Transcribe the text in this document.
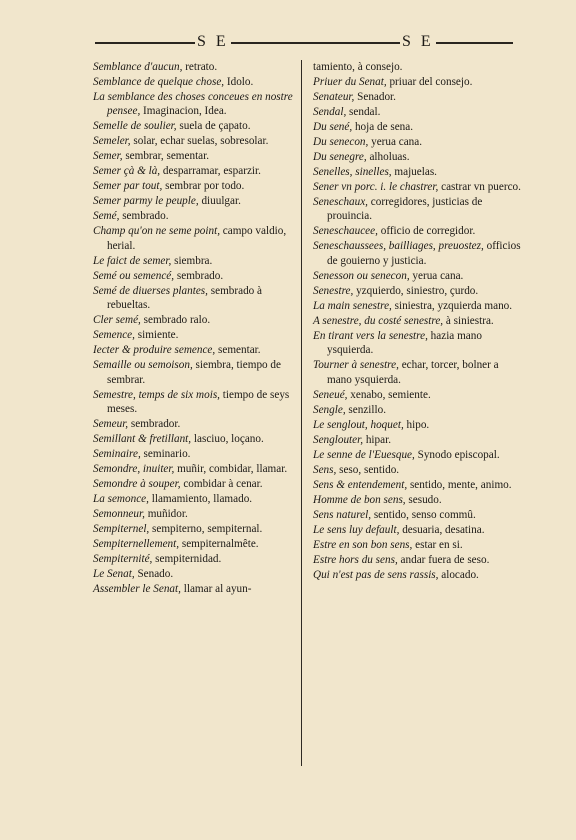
S E	S E
Semblance d'aucun, retrato.
Semblance de quelque chose, Idolo.
La semblance des choses conceues en nostre pensee, Imaginacion, Idea.
Semelle de soulier, suela de çapato.
Semeler, solar, echar suelas, sobresolar.
Semer, sembrar, sementar.
Semer çà & là, desparramar, esparzir.
Semer par tout, sembrar por todo.
Semer parmy le peuple, diuulgar.
Semé, sembrado.
Champ qu'on ne seme point, campo valdio, herial.
Le faict de semer, siembra.
Semé ou semencé, sembrado.
Semé de diuerses plantes, sembrado à rebueltas.
Cler semé, sembrado ralo.
Semence, simiente.
Iecter & produire semence, sementar.
Semaille ou semoison, siembra, tiempo de sembrar.
Semestre, temps de six mois, tiempo de seys meses.
Semeur, sembrador.
Semillant & fretillant, lasciuo, loçano.
Seminaire, seminario.
Semondre, inuiter, muñir, combidar, llamar.
Semondre à souper, combidar à cenar.
La semonce, llamamiento, llamado.
Semonneur, muñidor.
Sempiternel, sempiterno, sempiternal.
Sempiternellement, sempiternalmête.
Sempiternité, sempiternidad.
Le Senat, Senado.
Assembler le Senat, llamar al ayun-
tamiento, à consejo.
Priuer du Senat, priuar del consejo.
Senateur, Senador.
Sendal, sendal.
Du sené, hoja de sena.
Du senecon, yerua cana.
Du senegre, alholuas.
Senelles, sinelles, majuelas.
Sener vn porc. i. le chastrer, castrar vn puerco.
Seneschaux, corregidores, justicias de prouincia.
Seneschaucee, officio de corregidor.
Seneschaussees, bailliages, preuostez, officios de gouierno y justicia.
Senesson ou senecon, yerua cana.
Senestre, yzquierdo, siniestro, çurdo.
La main senestre, siniestra, yzquierda mano.
A senestre, du costé senestre, à siniestra.
En tirant vers la senestre, hazia mano ysquierda.
Tourner à senestre, echar, torcer, bolner a mano ysquierda.
Seneué, xenabo, semiente.
Sengle, senzillo.
Le senglout, hoquet, hipo.
Senglouter, hipar.
Le senne de l'Euesque, Synodo episcopal.
Sens, seso, sentido.
Sens & entendement, sentido, mente, animo.
Homme de bon sens, sesudo.
Sens naturel, sentido, senso commû.
Le sens luy default, desuaria, desatina.
Estre en son bon sens, estar en si.
Estre hors du sens, andar fuera de seso.
Qui n'est pas de sens rassis, alocado.
